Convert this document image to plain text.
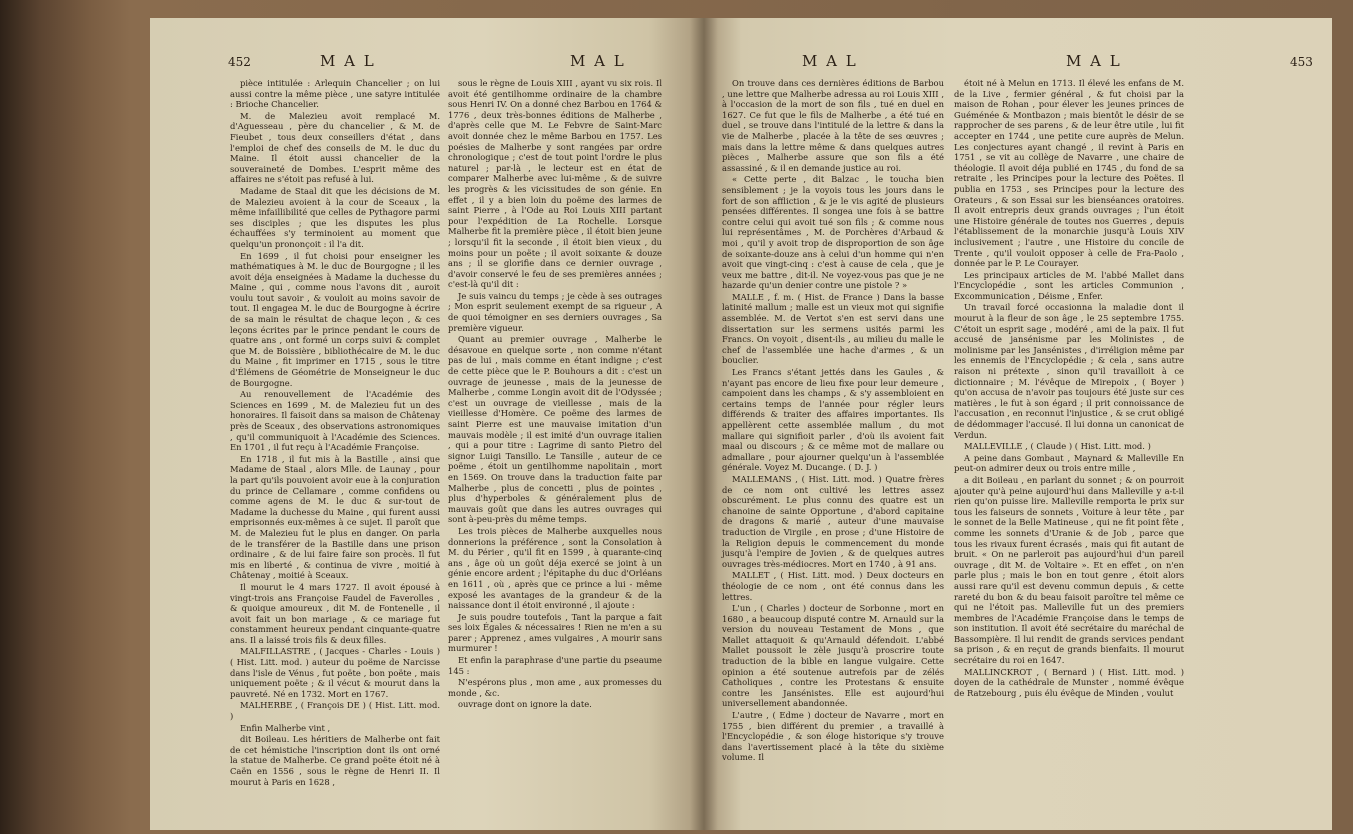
452	M A L	M A L

pièce intitulée : Arlequin Chancelier ; on lui aussi contre la même pièce , une satyre intitulée : Brioche Chancelier.

M. de Malezieu avoit remplacé M. d'Aguesseau , père du chancelier , & M. de Fieubet , tous deux conseillers d'état , dans l'emploi de chef des conseils de M. le duc du Maine. Il étoit aussi chancelier de la souveraineté de Dombes. L'esprit même des affaires ne s'étoit pas refusé à lui.

Madame de Staal dit que les décisions de M. de Malezieu avoient à la cour de Sceaux , la même infaillibilité que celles de Pythagore parmi ses disciples ; que les disputes les plus échauffées s'y terminoient au moment que quelqu'un prononçoit : il l'a dit.

En 1699 , il fut choisi pour enseigner les mathématiques à M. le duc de Bourgogne ; il les avoit déja enseignées à Madame la duchesse du Maine , qui , comme nous l'avons dit , auroit voulu tout savoir , & vouloit au moins savoir de tout. Il engagea M. le duc de Bourgogne à écrire de sa main le résultat de chaque leçon , & ces leçons écrites par le prince pendant le cours de quatre ans , ont formé un corps suivi & complet que M. de Boissière , bibliothécaire de M. le duc du Maine , fit imprimer en 1715 , sous le titre d'Élémens de Géométrie de Monseigneur le duc de Bourgogne.

Au renouvellement de l'Académie des Sciences en 1699 , M. de Malezieu fut un des honoraires. Il faisoit dans sa maison de Châtenay près de Sceaux , des observations astronomiques , qu'il communiquoit à l'Académie des Sciences. En 1701 , il fut reçu à l'Académie Françoise.

En 1718 , il fut mis à la Bastille , ainsi que Madame de Staal , alors Mlle. de Launay , pour la part qu'ils pouvoient avoir eue à la conjuration du prince de Cellamare , comme confidens ou comme agens de M. le duc & sur-tout de Madame la duchesse du Maine , qui furent aussi emprisonnés eux-mêmes à ce sujet. Il paroît que M. de Malezieu fut le plus en danger. On parla de le transférer de la Bastille dans une prison ordinaire , & de lui faire faire son procès. Il fut mis en liberté , & continua de vivre , moitié à Châtenay , moitié à Sceaux.

Il mourut le 4 mars 1727. Il avoit épousé à vingt-trois ans Françoise Faudel de Faverolles , & quoique amoureux , dit M. de Fontenelle , il avoit fait un bon mariage , & ce mariage fut constamment heureux pendant cinquante-quatre ans. Il a laissé trois fils & deux filles.

MALFILLASTRE , ( Jacques - Charles - Louis ) ( Hist. Litt. mod. ) auteur du poëme de Narcisse dans l'isle de Vénus , fut poëte , bon poëte , mais uniquement poëte ; & il vécut & mourut dans la pauvreté. Né en 1732. Mort en 1767.

MALHERBE , ( François DE ) ( Hist. Litt. mod. )

Enfin Malherbe vint ,

dit Boileau. Les héritiers de Malherbe ont fait de cet hémistiche l'inscription dont ils ont orné la statue de Malherbe. Ce grand poëte étoit né à Caën en 1556 , sous le règne de Henri II. Il mourut à Paris en 1628 ,

sous le règne de Louis XIII , ayant vu six rois. Il avoit été gentilhomme ordinaire de la chambre sous Henri IV. On a donné chez Barbou en 1764 & 1776 , deux très-bonnes éditions de Malherbe , d'après celle que M. Le Febvre de Saint-Marc avoit donnée chez le même Barbou en 1757. Les poésies de Malherbe y sont rangées par ordre chronologique ; c'est de tout point l'ordre le plus naturel ; par-là , le lecteur est en état de comparer Malherbe avec lui-même , & de suivre les progrès & les vicissitudes de son génie. En effet , il y a bien loin du poëme des larmes de saint Pierre , à l'Ode au Roi Louis XIII partant pour l'expédition de La Rochelle. Lorsque Malherbe fit la première pièce , il étoit bien jeune ; lorsqu'il fit la seconde , il étoit bien vieux , du moins pour un poëte ; il avoit soixante & douze ans ; il se glorifie dans ce dernier ouvrage , d'avoir conservé le feu de ses premières années ; c'est-là qu'il dit :

Je suis vaincu du temps ; je cède à ses outrages ; Mon esprit seulement exempt de sa rigueur , A de quoi témoigner en ses derniers ouvrages , Sa première vigueur.

Quant au premier ouvrage , Malherbe le désavoue en quelque sorte , non comme n'étant pas de lui , mais comme en étant indigne ; c'est de cette pièce que le P. Bouhours a dit : c'est un ouvrage de jeunesse , mais de la jeunesse de Malherbe , comme Longin avoit dit de l'Odyssée ; c'est un ouvrage de vieillesse , mais de la vieillesse d'Homère. Ce poëme des larmes de saint Pierre est une mauvaise imitation d'un mauvais modèle ; il est imité d'un ouvrage italien , qui a pour titre : Lagrime di santo Pietro del signor Luigi Tansillo. Le Tansille , auteur de ce poëme , étoit un gentilhomme napolitain , mort en 1569. On trouve dans la traduction faite par Malherbe , plus de concetti , plus de pointes , plus d'hyperboles & généralement plus de mauvais goût que dans les autres ouvrages qui sont à-peu-près du même temps.

Les trois pièces de Malherbe auxquelles nous donnerions la préférence , sont la Consolation à M. du Périer , qu'il fit en 1599 , à quarante-cinq ans , âge où un goût déja exercé se joint à un génie encore ardent ; l'épitaphe du duc d'Orléans en 1611 , où , après que ce prince a lui - même exposé les avantages de la grandeur & de la naissance dont il étoit environné , il ajoute :

Je suis poudre toutefois , Tant la parque a fait ses loix Égales & nécessaires ! Rien ne m'en a su parer ; Apprenez , ames vulgaires , A mourir sans murmurer !

Et enfin la paraphrase d'une partie du pseaume 145 :

N'espérons plus , mon ame , aux promesses du monde , &c.

ouvrage dont on ignore la date.

M A L	M A L	453

On trouve dans ces dernières éditions de Barbou , une lettre que Malherbe adressa au roi Louis XIII , à l'occasion de la mort de son fils , tué en duel en 1627. Ce fut que le fils de Malherbe , a été tué en duel , se trouve dans l'intitulé de la lettre & dans la vie de Malherbe , placée à la tête de ses œuvres ; mais dans la lettre même & dans quelques autres pièces , Malherbe assure que son fils a été assassiné , & il en demande justice au roi.

« Cette perte , dit Balzac , le toucha bien sensiblement ; je la voyois tous les jours dans le fort de son affliction , & je le vis agité de plusieurs pensées différentes. Il songea une fois à se battre contre celui qui avoit tué son fils ; & comme nous lui représentâmes , M. de Porchères d'Arbaud & moi , qu'il y avoit trop de disproportion de son âge de soixante-douze ans à celui d'un homme qui n'en avoit que vingt-cinq : c'est à cause de cela , que je veux me battre , dit-il. Ne voyez-vous pas que je ne hazarde qu'un denier contre une pistole ? »

MALLE , f. m. ( Hist. de France ) Dans la basse latinité mallum ; malle est un vieux mot qui signifie assemblée. M. de Vertot s'en est servi dans une dissertation sur les sermens usités parmi les Francs. On voyoit , disent-ils , au milieu du malle le chef de l'assemblée une hache d'armes , & un bouclier.

Les Francs s'étant jettés dans les Gaules , & n'ayant pas encore de lieu fixe pour leur demeure , campoient dans les champs , & s'y assembloient en certains temps de l'année pour régler leurs différends & traiter des affaires importantes. Ils appellèrent cette assemblée mallum , du mot mallare qui signifioit parler , d'où ils avoient fait maal ou discours ; & ce même mot de mallare ou admallare , pour ajourner quelqu'un à l'assemblée générale. Voyez M. Ducange. ( D. J. )

MALLEMANS , ( Hist. Litt. mod. ) Quatre frères de ce nom ont cultivé les lettres assez obscurément. Le plus connu des quatre est un chanoine de sainte Opportune , d'abord capitaine de dragons & marié , auteur d'une mauvaise traduction de Virgile , en prose ; d'une Histoire de la Religion depuis le commencement du monde jusqu'à l'empire de Jovien , & de quelques autres ouvrages très-médiocres. Mort en 1740 , à 91 ans.

MALLET , ( Hist. Litt. mod. ) Deux docteurs en théologie de ce nom , ont été connus dans les lettres.

L'un , ( Charles ) docteur de Sorbonne , mort en 1680 , a beaucoup disputé contre M. Arnauld sur la version du nouveau Testament de Mons , que Mallet attaquoit & qu'Arnauld défendoit. L'abbé Mallet poussoit le zèle jusqu'à proscrire toute traduction de la bible en langue vulgaire. Cette opinion a été soutenue autrefois par de zélés Catholiques , contre les Protestans & ensuite contre les Jansénistes. Elle est aujourd'hui universellement abandonnée.

L'autre , ( Edme ) docteur de Navarre , mort en 1755 , bien différent du premier , a travaillé à l'Encyclopédie , & son éloge historique s'y trouve dans l'avertissement placé à la tête du sixième volume. Il

étoit né à Melun en 1713. Il élevé les enfans de M. de la Live , fermier général , & fut choisi par la maison de Rohan , pour élever les jeunes princes de Guéménée & Montbazon ; mais bientôt le désir de se rapprocher de ses parens , & de leur être utile , lui fit accepter en 1744 , une petite cure auprès de Melun. Les conjectures ayant changé , il revint à Paris en 1751 , se vit au collège de Navarre , une chaire de théologie. Il avoit déja publié en 1745 , du fond de sa retraite , les Principes pour la lecture des Poëtes. Il publia en 1753 , ses Principes pour la lecture des Orateurs , & son Essai sur les bienséances oratoires. Il avoit entrepris deux grands ouvrages ; l'un étoit une Histoire générale de toutes nos Guerres , depuis l'établissement de la monarchie jusqu'à Louis XIV inclusivement ; l'autre , une Histoire du concile de Trente , qu'il vouloit opposer à celle de Fra-Paolo , donnée par le P. Le Courayer.

Les principaux articles de M. l'abbé Mallet dans l'Encyclopédie , sont les articles Communion , Excommunication , Déisme , Enfer.

Un travail forcé occasionna la maladie dont il mourut à la fleur de son âge , le 25 septembre 1755. C'étoit un esprit sage , modéré , ami de la paix. Il fut accusé de jansénisme par les Molinistes , de molinisme par les Jansénistes , d'irréligion même par les ennemis de l'Encyclopédie ; & cela , sans autre raison ni prétexte , sinon qu'il travailloit à ce dictionnaire ; M. l'évêque de Mirepoix , ( Boyer ) qu'on accusa de n'avoir pas toujours été juste sur ces matières , le fut à son égard ; il prit connoissance de l'accusation , en reconnut l'injustice , & se crut obligé de dédommager l'accusé. Il lui donna un canonicat de Verdun.

MALLEVILLE , ( Claude ) ( Hist. Litt. mod. )

A peine dans Gombaut , Maynard & Malleville En peut-on admirer deux ou trois entre mille ,

a dit Boileau , en parlant du sonnet ; & on pourroit ajouter qu'à peine aujourd'hui dans Malleville y a-t-il rien qu'on puisse lire. Malleville remporta le prix sur tous les faiseurs de sonnets , Voiture à leur tête , par le sonnet de la Belle Matineuse , qui ne fit point fête , comme les sonnets d'Uranie & de Job , parce que tous les rivaux furent écrasés , mais qui fit autant de bruit. « On ne parleroit pas aujourd'hui d'un pareil ouvrage , dit M. de Voltaire ». Et en effet , on n'en parle plus ; mais le bon en tout genre , étoit alors aussi rare qu'il est devenu commun depuis , & cette rareté du bon & du beau faisoit paroître tel même ce qui ne l'étoit pas. Malleville fut un des premiers membres de l'Académie Françoise dans le temps de son institution. Il avoit été secrétaire du maréchal de Bassompière. Il lui rendit de grands services pendant sa prison , & en reçut de grands bienfaits. Il mourut secrétaire du roi en 1647.

MALLINCKROT , ( Bernard ) ( Hist. Litt. mod. ) doyen de la cathédrale de Munster , nommé évêque de Ratzebourg , puis élu évêque de Minden , voulut
